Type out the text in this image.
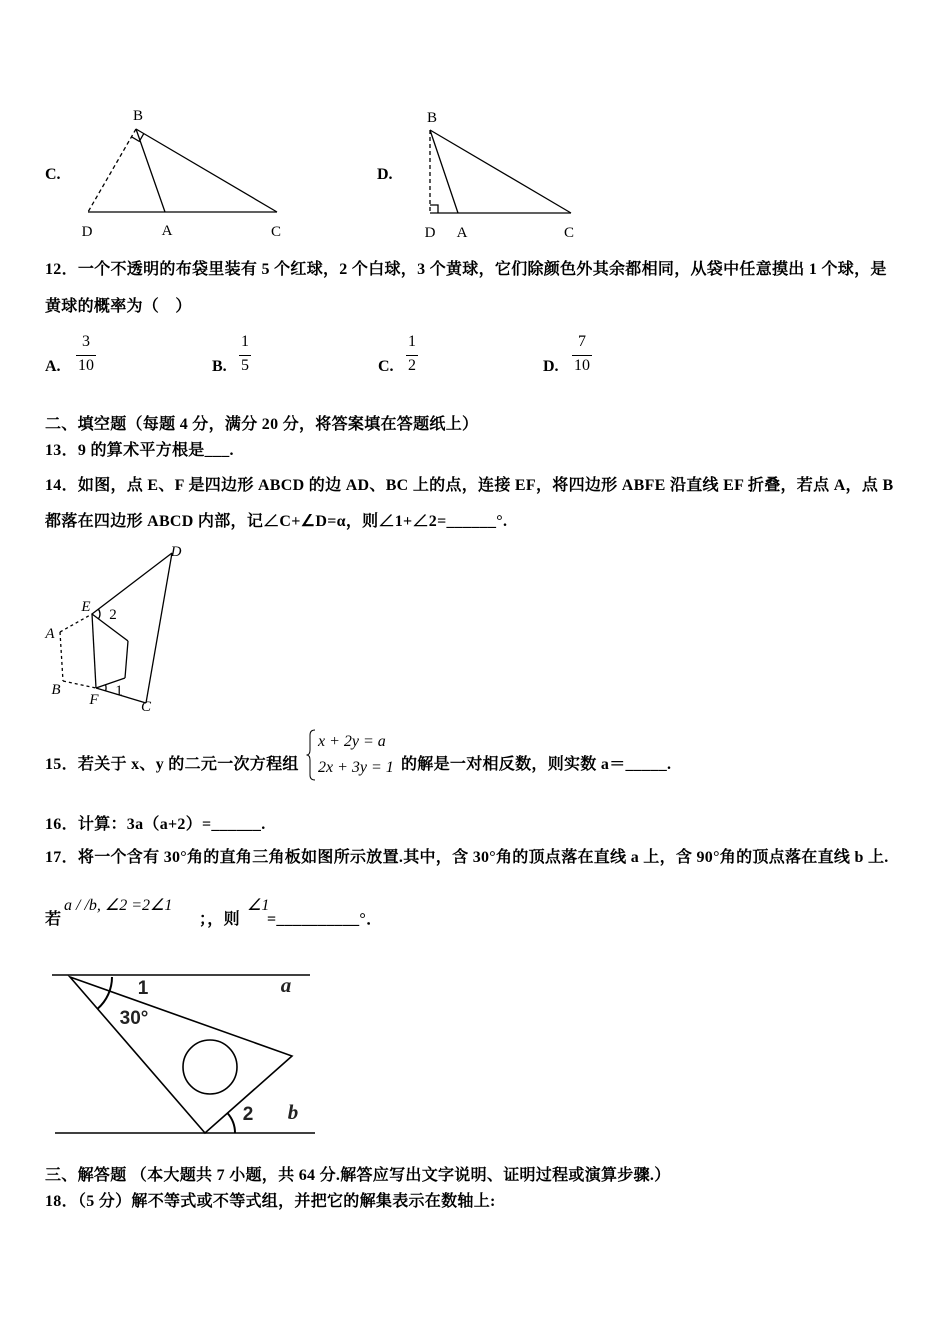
C.
B
D	A	C
D.
B
D A	C
12．一个不透明的布袋里装有 5 个红球，2 个白球，3 个黄球，它们除颜色外其余都相同，从袋中任意摸出 1 个球，是
黄球的概率为（　）
A. $\frac{3}{10}$	B. $\frac{1}{5}$	C. $\frac{1}{2}$	D. $\frac{7}{10}$
二、填空题（每题 4 分，满分 20 分，将答案填在答题纸上）
13．9 的算术平方根是___.
14．如图，点 E、F 是四边形 ABCD 的边 AD、BC 上的点，连接 EF，将四边形 ABFE 沿直线 EF 折叠，若点 A，点 B
都落在四边形 ABCD 内部，记∠C+∠D=α，则∠1+∠2=______°.
D
E 2
A
B
F
1
C
15．若关于 x、y 的二元一次方程组
x + 2y = a
2x + 3y = 1 的解是一对相反数，则实数 a＝_____.
16．计算：3a（a+2）=______.
17．将一个含有 30°角的直角三角板如图所示放置.其中，含 30°角的顶点落在直线 a 上，含 90°角的顶点落在直线 b 上.
若
a / /b, ∠2 =2∠1
；，则
∠1
=__________°．
1
30°
a
2 b
三、解答题 （本大题共 7 小题，共 64 分.解答应写出文字说明、证明过程或演算步骤.）
18．（5 分）解不等式或不等式组，并把它的解集表示在数轴上:
